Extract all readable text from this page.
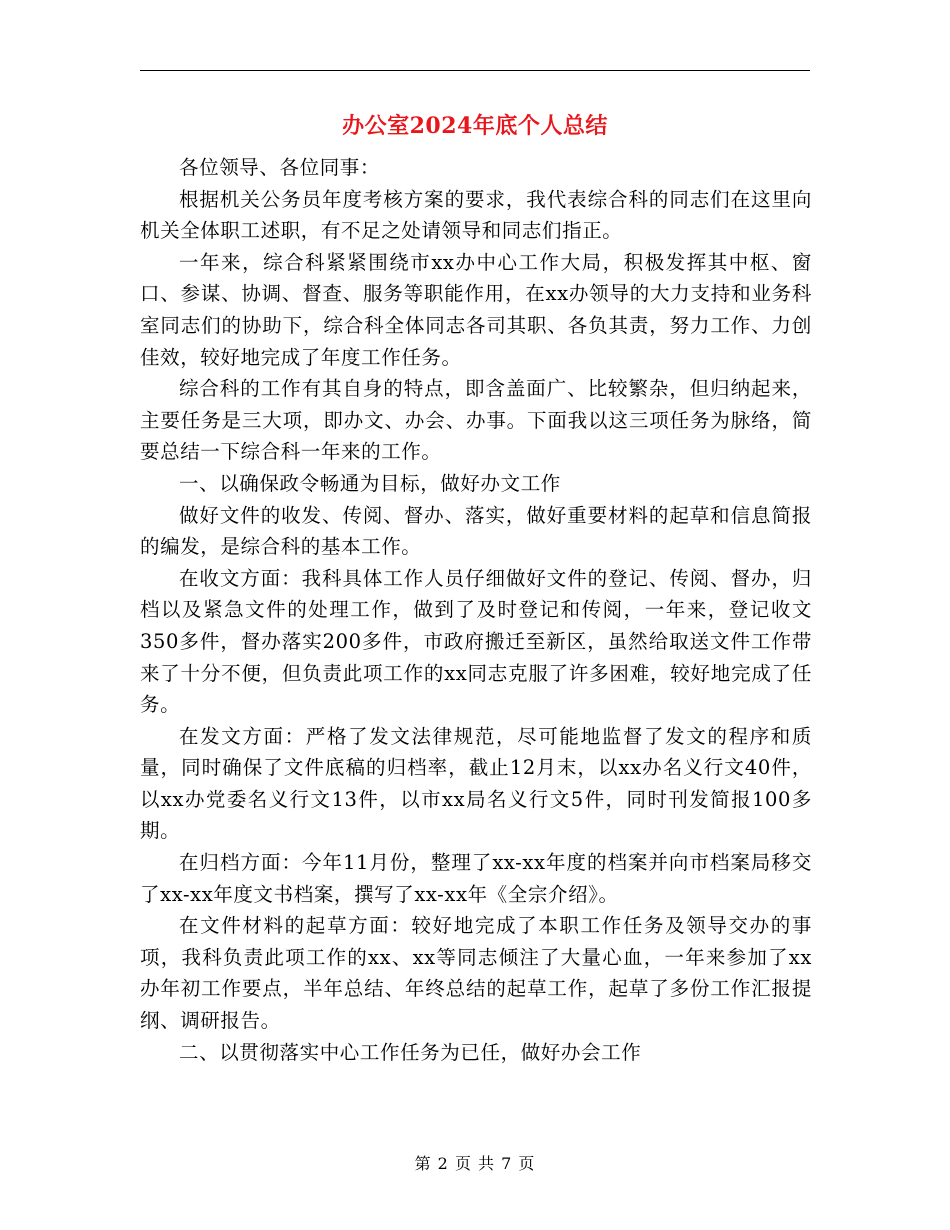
办公室2024年底个人总结

各位领导、各位同事：

根据机关公务员年度考核方案的要求，我代表综合科的同志们在这里向机关全体职工述职，有不足之处请领导和同志们指正。

一年来，综合科紧紧围绕市xx办中心工作大局，积极发挥其中枢、窗口、参谋、协调、督查、服务等职能作用，在xx办领导的大力支持和业务科室同志们的协助下，综合科全体同志各司其职、各负其责，努力工作、力创佳效，较好地完成了年度工作任务。

综合科的工作有其自身的特点，即含盖面广、比较繁杂，但归纳起来，主要任务是三大项，即办文、办会、办事。下面我以这三项任务为脉络，简要总结一下综合科一年来的工作。

一、以确保政令畅通为目标，做好办文工作

做好文件的收发、传阅、督办、落实，做好重要材料的起草和信息简报的编发，是综合科的基本工作。

在收文方面：我科具体工作人员仔细做好文件的登记、传阅、督办，归档以及紧急文件的处理工作，做到了及时登记和传阅，一年来，登记收文350多件，督办落实200多件，市政府搬迁至新区，虽然给取送文件工作带来了十分不便，但负责此项工作的xx同志克服了许多困难，较好地完成了任务。

在发文方面：严格了发文法律规范，尽可能地监督了发文的程序和质量，同时确保了文件底稿的归档率，截止12月末，以xx办名义行文40件，以xx办党委名义行文13件，以市xx局名义行文5件，同时刊发简报100多期。

在归档方面：今年11月份，整理了xx-xx年度的档案并向市档案局移交了xx-xx年度文书档案，撰写了xx-xx年《全宗介绍》。

在文件材料的起草方面：较好地完成了本职工作任务及领导交办的事项，我科负责此项工作的xx、xx等同志倾注了大量心血，一年来参加了xx办年初工作要点，半年总结、年终总结的起草工作，起草了多份工作汇报提纲、调研报告。

二、以贯彻落实中心工作任务为已任，做好办会工作

第 2 页 共 7 页
